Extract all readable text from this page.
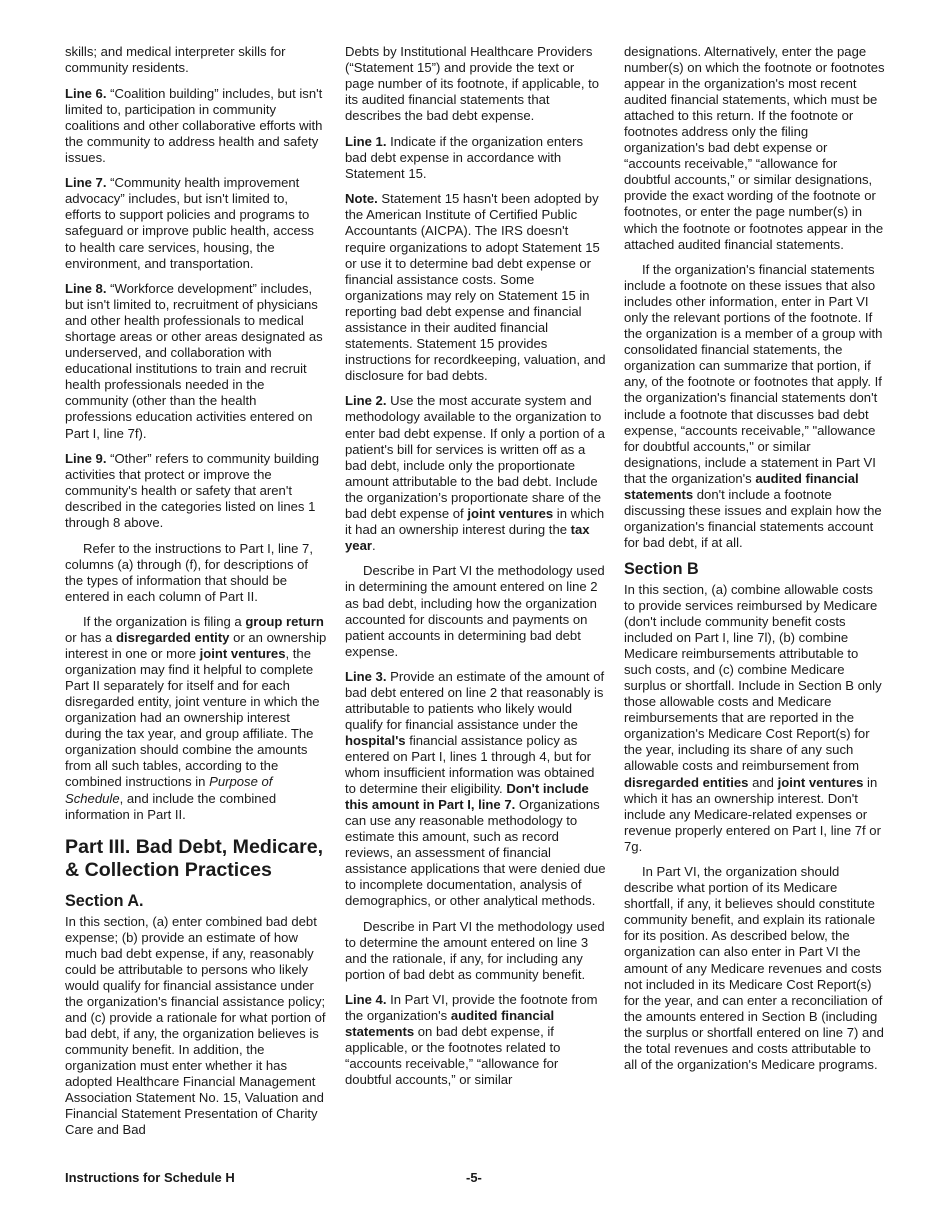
skills; and medical interpreter skills for community residents.

Line 6. “Coalition building” includes, but isn't limited to, participation in community coalitions and other collaborative efforts with the community to address health and safety issues.

Line 7. “Community health improvement advocacy” includes, but isn't limited to, efforts to support policies and programs to safeguard or improve public health, access to health care services, housing, the environment, and transportation.

Line 8. “Workforce development” includes, but isn't limited to, recruitment of physicians and other health professionals to medical shortage areas or other areas designated as underserved, and collaboration with educational institutions to train and recruit health professionals needed in the community (other than the health professions education activities entered on Part I, line 7f).

Line 9. “Other” refers to community building activities that protect or improve the community's health or safety that aren't described in the categories listed on lines 1 through 8 above.

Refer to the instructions to Part I, line 7, columns (a) through (f), for descriptions of the types of information that should be entered in each column of Part II.

If the organization is filing a group return or has a disregarded entity or an ownership interest in one or more joint ventures, the organization may find it helpful to complete Part II separately for itself and for each disregarded entity, joint venture in which the organization had an ownership interest during the tax year, and group affiliate. The organization should combine the amounts from all such tables, according to the combined instructions in Purpose of Schedule, and include the combined information in Part II.

Part III. Bad Debt, Medicare, & Collection Practices
Section A.

In this section, (a) enter combined bad debt expense; (b) provide an estimate of how much bad debt expense, if any, reasonably could be attributable to persons who likely would qualify for financial assistance under the organization's financial assistance policy; and (c) provide a rationale for what portion of bad debt, if any, the organization believes is community benefit. In addition, the organization must enter whether it has adopted Healthcare Financial Management Association Statement No. 15, Valuation and Financial Statement Presentation of Charity Care and Bad

Debts by Institutional Healthcare Providers (“Statement 15”) and provide the text or page number of its footnote, if applicable, to its audited financial statements that describes the bad debt expense.

Line 1. Indicate if the organization enters bad debt expense in accordance with Statement 15.

Note. Statement 15 hasn't been adopted by the American Institute of Certified Public Accountants (AICPA). The IRS doesn't require organizations to adopt Statement 15 or use it to determine bad debt expense or financial assistance costs. Some organizations may rely on Statement 15 in reporting bad debt expense and financial assistance in their audited financial statements. Statement 15 provides instructions for recordkeeping, valuation, and disclosure for bad debts.

Line 2. Use the most accurate system and methodology available to the organization to enter bad debt expense. If only a portion of a patient's bill for services is written off as a bad debt, include only the proportionate amount attributable to the bad debt. Include the organization’s proportionate share of the bad debt expense of joint ventures in which it had an ownership interest during the tax year.

Describe in Part VI the methodology used in determining the amount entered on line 2 as bad debt, including how the organization accounted for discounts and payments on patient accounts in determining bad debt expense.

Line 3. Provide an estimate of the amount of bad debt entered on line 2 that reasonably is attributable to patients who likely would qualify for financial assistance under the hospital's financial assistance policy as entered on Part I, lines 1 through 4, but for whom insufficient information was obtained to determine their eligibility. Don't include this amount in Part I, line 7. Organizations can use any reasonable methodology to estimate this amount, such as record reviews, an assessment of financial assistance applications that were denied due to incomplete documentation, analysis of demographics, or other analytical methods.

Describe in Part VI the methodology used to determine the amount entered on line 3 and the rationale, if any, for including any portion of bad debt as community benefit.

Line 4. In Part VI, provide the footnote from the organization's audited financial statements on bad debt expense, if applicable, or the footnotes related to “accounts receivable,” “allowance for doubtful accounts,” or similar

designations. Alternatively, enter the page number(s) on which the footnote or footnotes appear in the organization's most recent audited financial statements, which must be attached to this return. If the footnote or footnotes address only the filing organization's bad debt expense or “accounts receivable,” “allowance for doubtful accounts,” or similar designations, provide the exact wording of the footnote or footnotes, or enter the page number(s) in which the footnote or footnotes appear in the attached audited financial statements.

If the organization's financial statements include a footnote on these issues that also includes other information, enter in Part VI only the relevant portions of the footnote. If the organization is a member of a group with consolidated financial statements, the organization can summarize that portion, if any, of the footnote or footnotes that apply. If the organization's financial statements don't include a footnote that discusses bad debt expense, “accounts receivable,” "allowance for doubtful accounts," or similar designations, include a statement in Part VI that the organization's audited financial statements don't include a footnote discussing these issues and explain how the organization's financial statements account for bad debt, if at all.

Section B

In this section, (a) combine allowable costs to provide services reimbursed by Medicare (don't include community benefit costs included on Part I, line 7l), (b) combine Medicare reimbursements attributable to such costs, and (c) combine Medicare surplus or shortfall. Include in Section B only those allowable costs and Medicare reimbursements that are reported in the organization's Medicare Cost Report(s) for the year, including its share of any such allowable costs and reimbursement from disregarded entities and joint ventures in which it has an ownership interest. Don't include any Medicare-related expenses or revenue properly entered on Part I, line 7f or 7g.

In Part VI, the organization should describe what portion of its Medicare shortfall, if any, it believes should constitute community benefit, and explain its rationale for its position. As described below, the organization can also enter in Part VI the amount of any Medicare revenues and costs not included in its Medicare Cost Report(s) for the year, and can enter a reconciliation of the amounts entered in Section B (including the surplus or shortfall entered on line 7) and the total revenues and costs attributable to all of the organization's Medicare programs.

Instructions for Schedule H	-5-
